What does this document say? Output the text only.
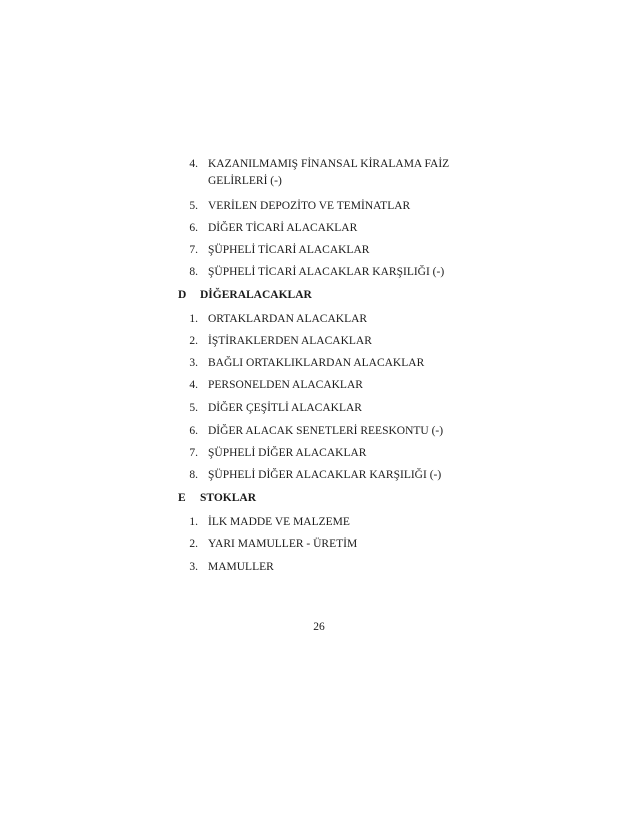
4. KAZANILMAMIŞ FİNANSAL KİRALAMA FAİZ
GELİRLERİ (-)
5. VERİLEN DEPOZİTO VE TEMİNATLAR
6. DİĞER TİCARİ ALACAKLAR
7. ŞÜPHELİ TİCARİ ALACAKLAR
8. ŞÜPHELİ TİCARİ ALACAKLAR KARŞILIĞI (-)
D DİĞERALACAKLAR
1. ORTAKLARDAN ALACAKLAR
2. İŞTİRAKLERDEN ALACAKLAR
3. BAĞLI ORTAKLIKLARDAN ALACAKLAR
4. PERSONELDEN ALACAKLAR
5. DİĞER ÇEŞİTLİ ALACAKLAR
6. DİĞER ALACAK SENETLERİ REESKONTU (-)
7. ŞÜPHELİ DİĞER ALACAKLAR
8. ŞÜPHELİ DİĞER ALACAKLAR KARŞILIĞI (-)
E STOKLAR
1. İLK MADDE VE MALZEME
2. YARI MAMULLER - ÜRETİM
3. MAMULLER
26
